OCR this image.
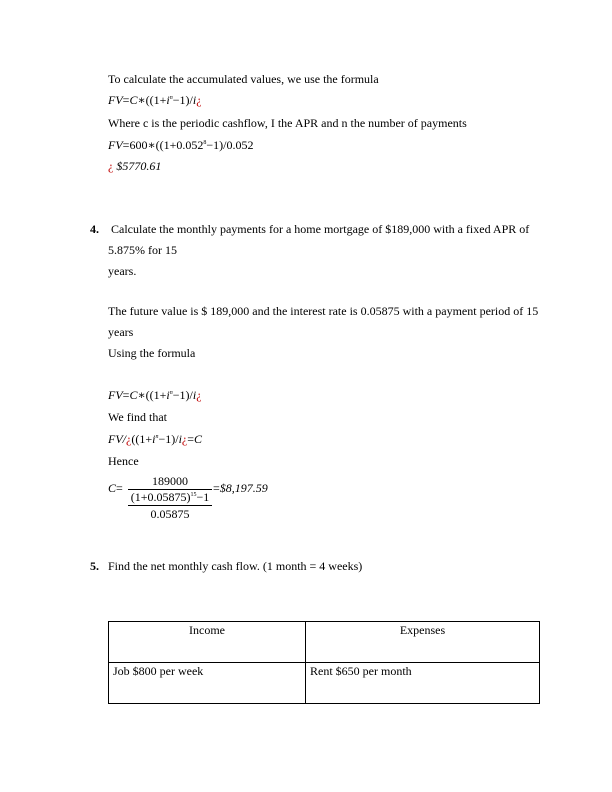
To calculate the accumulated values, we use the formula
$FV=C∗((1+i^n-1)/i¿$
Where c is the periodic cashflow, I the APR and n the number of payments
$FV=600∗((1+0.052^8-1)/0.052$
¿ $5770.61
4. Calculate the monthly payments for a home mortgage of $189,000 with a fixed APR of
5.875% for 15
years.
The future value is $ 189,000 and the interest rate is 0.05875 with a payment period of 15
years
Using the formula
$FV=C∗((1+i^n-1)/i¿$
We find that
$FV/¿((1+i^n-1)/i¿=C$
Hence
C=	189000
$(1+0.05875)^{15}-1$
0.05875
=$8,197.59
5. Find the net monthly cash flow. (1 month = 4 weeks)
Income	Expenses
Job $800 per week	Rent $650 per month
